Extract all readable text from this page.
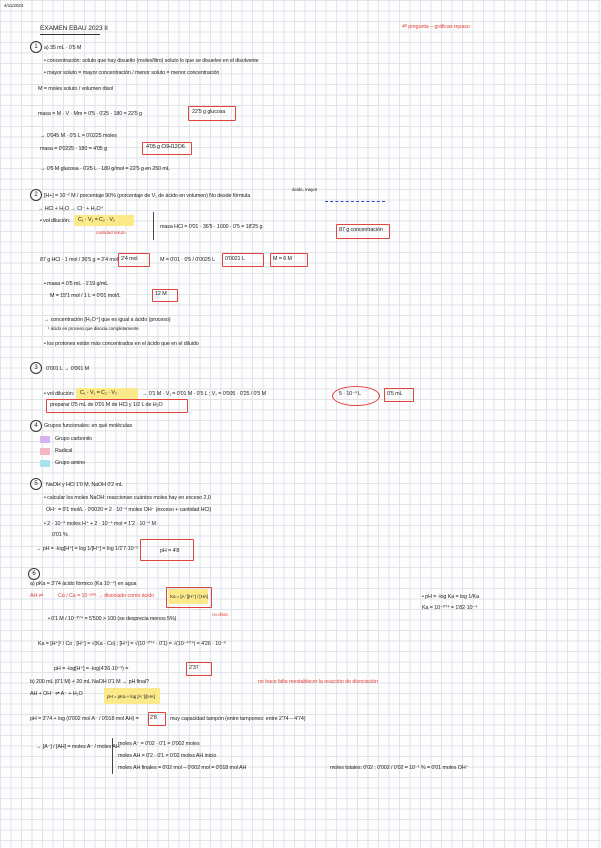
4/11/2024
EXAMEN EBAU 2023 II	4ª pregunta – gráficas repaso
1	a) 35 mL · 0'5 M
• concentración: soluto que hay disuelto (moles/litro) soluto lo que se disuelve en el disolvente
• mayor soluto = mayor concentración / menor soluto = menor concentración
M = moles soluto / volumen disol
masa = M · V · Mm = 0'5 · 0'25 · 180 = 22'5 g	22'5 g glucosa
→ 0'045 M · 0'5 L = 0'0225 moles
masa = 0'0225 · 180 = 4'05 g	4'05 g C6H12O6
→ 0'5 M glucosa · 0'25 L · 180 g/mol = 22'5 g en 250 mL
2
ácido, mayor
[H+] = 10⁻² M / porcentaje 90% (porcentaje de V₁ de ácido en volumen) No desde fórmula
→ HCl + H₂O → Cl⁻ + H₃O⁺
• vol dilución: C₁ · V₁ = C₂ · V₂
cantidad soluto
masa HCl = 0'01 · 36'5 · 1000 · 0'5 = 18'25 g	87 g concentración
87 g HCl · 1 mol / 36'5 g = 2'4 mol 2'4 mol	M = 0'01 · 0'5 / 0'0025 L 0'0021 L	M = 6 M
• masa = 0'5 mL · 1'19 g/mL
M = 15'1 mol / 1 L = 0'01 mol/L	12 M
→ concentración [H₃O⁺] que es igual a ácido (proceso)
¹ ácido en proceso que disocia completamente
• los protones están más concentrados en el ácido que en el diluido
3	0'001 L → 0'001 M
• vol dilución: C₁ · V₁ = C₂ · V₂	→ 0'1 M · V₁ = 0'01 M · 0'5 L ; V₁ = 0'005 · 0'25 / 0'5 M	5 · 10⁻³ L	0'5 mL
preparar 0'5 mL de 0'01 M de HCl y 1/2 L de H₂O
4	Grupos funcionales: en qué moléculas
Grupo carbonilo
Radical
Grupo amino
5	NaOH y HCl 1'0 M, NaOH 0'2 mL
• calcular los moles NaOH: reaccionan cuántos moles hay en exceso 2,0
OH⁻ = 0'1 mol/L · 0'0020 = 2 · 10⁻⁴ moles OH⁻ (exceso + cantidad HCl)
• 2 · 10⁻⁴ moles H⁺ + 2 · 10⁻⁴ mol = 1'2 · 10⁻⁴ M
0'01 %
→ pH = -log[H⁺] = log 1/[H⁺] = log 1/1'7·10⁻⁵	pH = 4'8
6
a) pKa = 3'74 ácido fórmico (Ka 10⁻⁴) en agua
AH ⇌	Cα / Ca = 10⁻ᵖᴷᵃ → disociado como ácido	Ka = [A⁻][H⁺] / [HA]
no disoc
• pH = -log Ka = log 1/Ka
Ka = 10⁻³'⁷⁴ = 1'82·10⁻⁴
• 0'1 M / 10⁻³'⁷⁴ = 5'500 > 100 (se desprecia menos 5%)
Ka = [H⁺]² / Co ; [H⁺] = √(Ka · Co) ; [H⁺] = √(10⁻³'⁷⁴ · 0'1) = √(10⁻⁴'⁷⁴) = 4'26 · 10⁻³
pH = -log[H⁺] = -log(4'26·10⁻³) =	2'37
b) 200 mL (0'1 M) + 20 mL NaOH 0'1 M → pH final?	no hace falta reestablecer la reacción de disociación
AH + OH⁻ ⇌ A⁻ + H₂O	pH = pKa + log [A⁻]/[HA]
pH = 3'74 + log (0'002 mol A⁻ / 0'018 mol AH) = 2'8 muy capacidad tampón (entre tampones: entre 2'74 – 4'74)
→ [A⁻] / [AH] = moles A⁻ / moles AH
moles A⁻ = 0'02 · 0'1 = 0'002 moles
moles AH = 0'2 · 0'1 = 0'02 moles AH inicio
moles AH finales = 0'02 mol – 0'002 mol = 0'018 mol AH	moles totales: 0'02 ; 0'002 / 0'02 = 10⁻¹ % = 0'01 moles OH⁻
